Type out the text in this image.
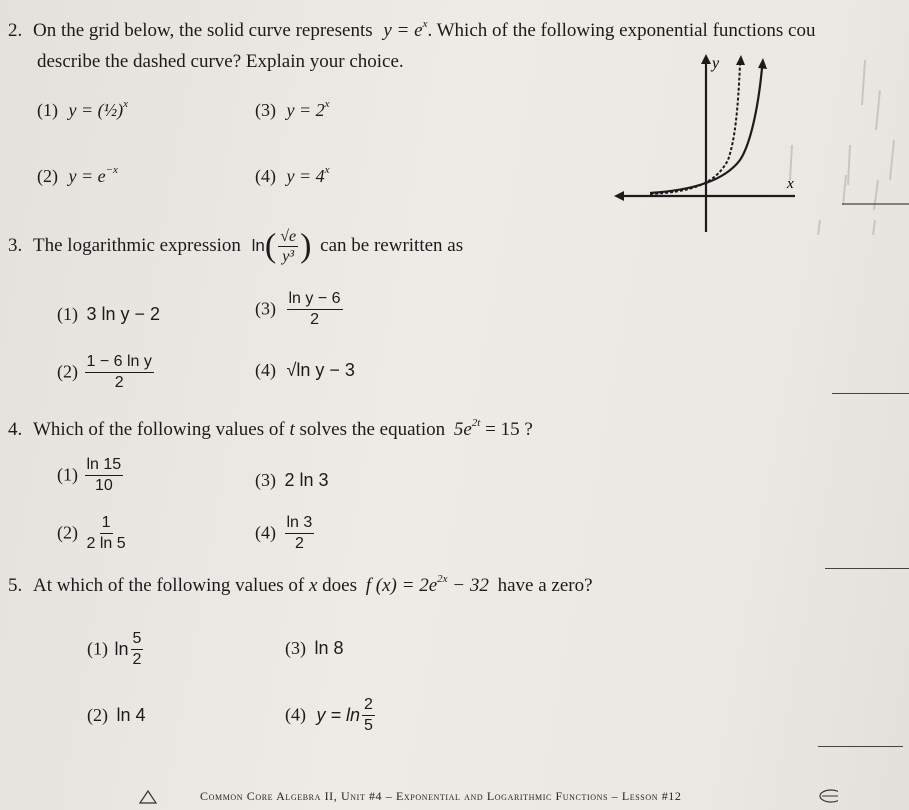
2. On the grid below, the solid curve represents $y = e^x$. Which of the following exponential functions cou
describe the dashed curve? Explain your choice.
(1) y = (½)$^x$	(3) $y = 2^x$
(2) $y = e^{-x}$	(4) $y = 4^x$
y
x
3. The logarithmic expression $\ln( \frac{√e}{\text{y³}}$ ) can be rewritten as
(1) 3 ln y − 2	$(3) \frac{\text{ln y − 6}}{2}$
$(2) \frac{\text{1 − 6 ln y}}{2}$	(4) √ln y − 3
4. Which of the following values of t solves the equation $5e^{2t} = 15$ ?
$(1) \frac{\ln 15}{10}$	(3) 2 ln 3
$(2) \frac{1}{2 \ln 5}$	$(4) \frac{\ln 3}{2}$
5. At which of the following values of x does f $(x) = 2e^{2x} - 32$ have a zero?
(1) $\ln \frac{5}{2}$	(3) ln 8
(2) ln 4	(4) $y = \ln \frac{2}{5}$
Common Core Algebra II, Unit #4 – Exponential and Logarithmic Functions – Lesson #12
